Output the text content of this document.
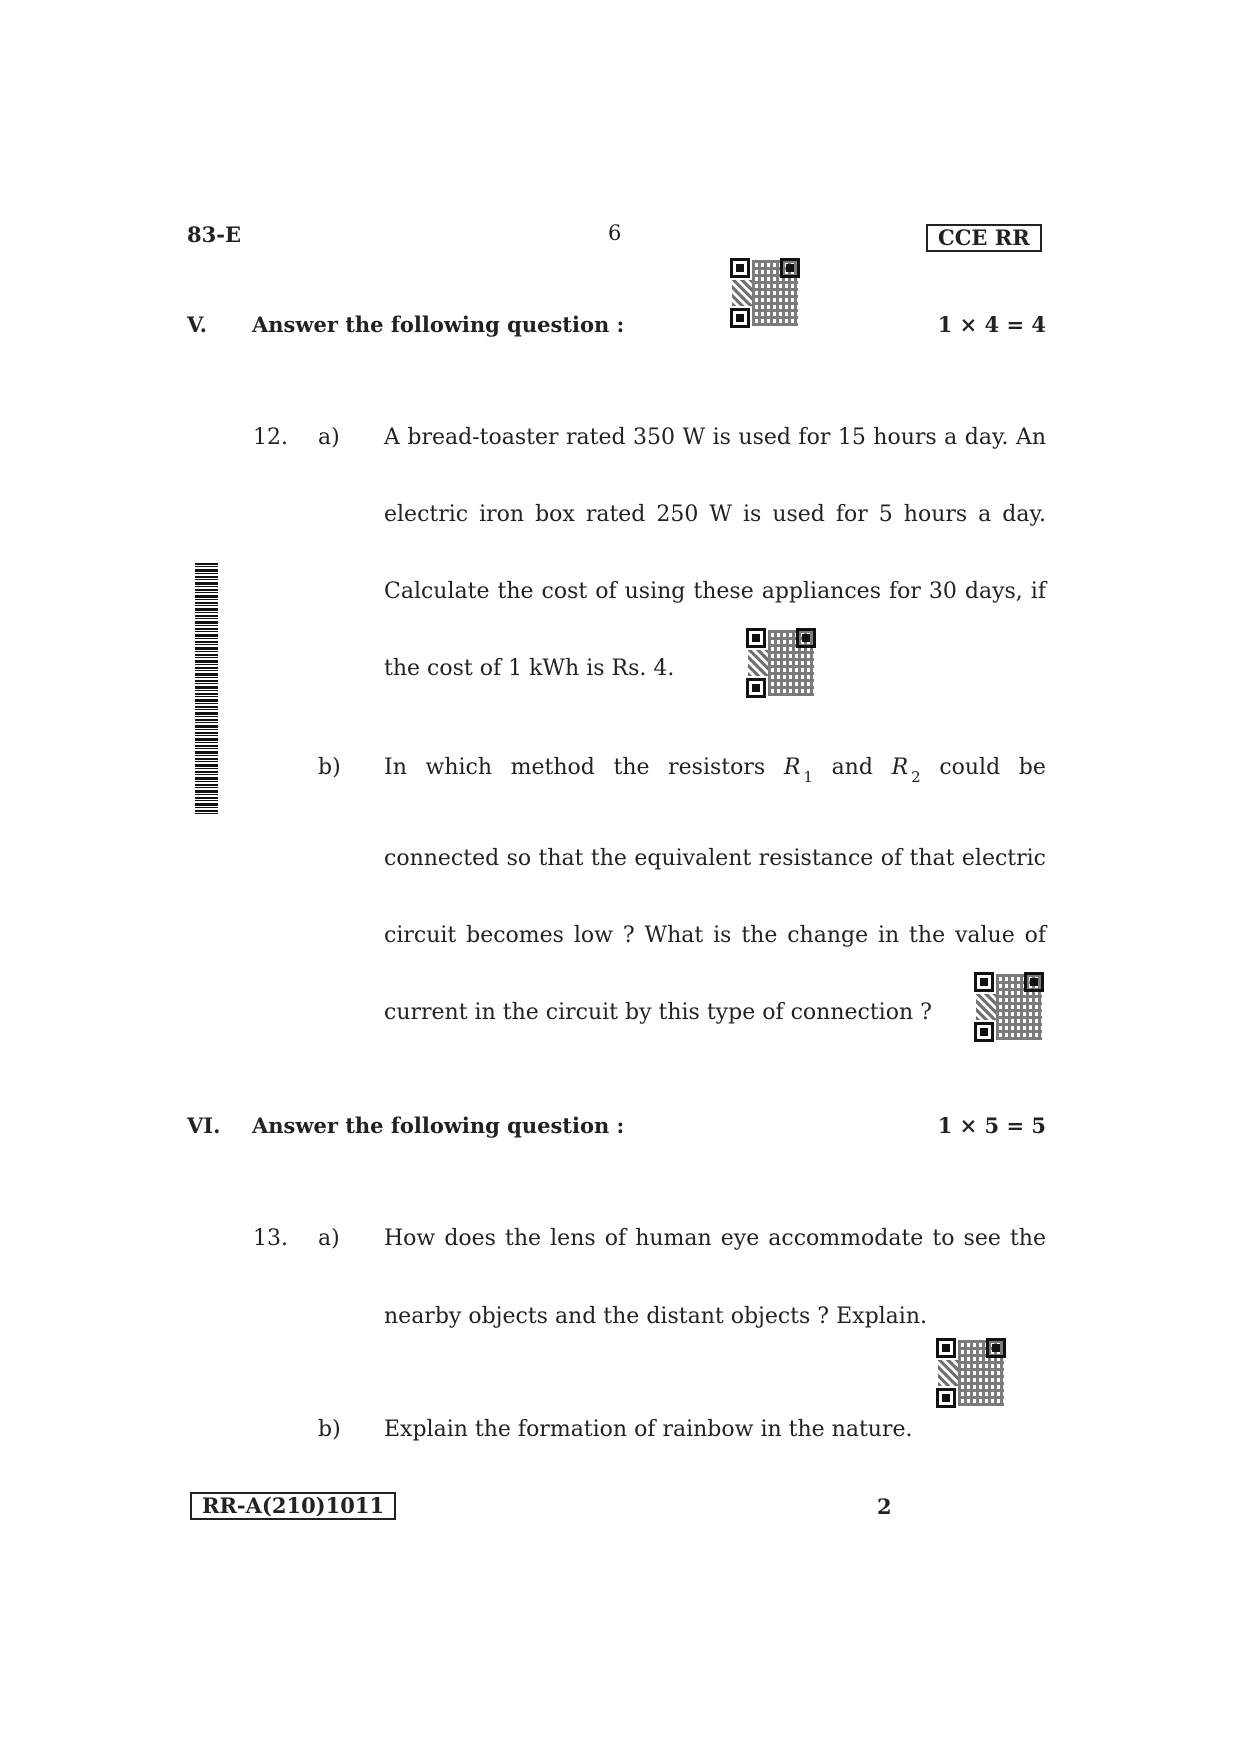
83-E	6	CCE RR
V. Answer the following question :	1 × 4 = 4
12. a) A bread-toaster rated 350 W is used for 15 hours a day. An
electric iron box rated 250 W is used for 5 hours a day.
Calculate the cost of using these appliances for 30 days, if
the cost of 1 kWh is Rs. 4.
b) In which method the resistors R $_1$ and R $_2$ could be
connected so that the equivalent resistance of that electric
circuit becomes low ? What is the change in the value of
current in the circuit by this type of connection ?
VI. Answer the following question :	1 × 5 = 5
13. a) How does the lens of human eye accommodate to see the
nearby objects and the distant objects ? Explain.
b) Explain the formation of rainbow in the nature.
RR-A(210)1011	2
